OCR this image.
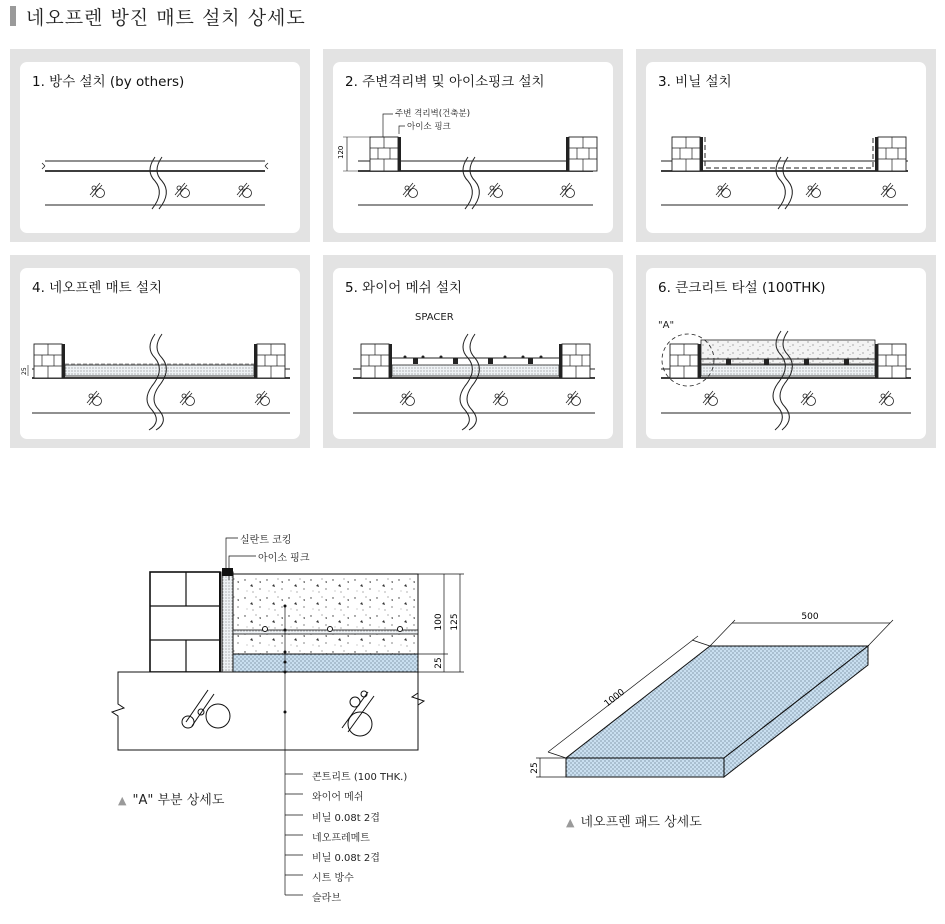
네오프렌 방진 매트 설치 상세도
1. 방수 설치 (by others)	2. 주변격리벽 및 아이소핑크 설치
120
주변 격리벽(건축분)
아이소 핑크
3. 비닐 설치
4. 네오프렌 매트 설치
25
5. 와이어 메쉬 설치
SPACER
6. 큰크리트 타설 (100THK)
"A"
100 125
25
500
1000
25
실란트 코킹
아이소 핑크
콘트리트 (100 THK.)
와이어 메쉬
비닐 0.08t 2겹
네오프레메트
비닐 0.08t 2겹
시트 방수
슬라브
▲ "A" 부분 상세도
▲ 네오프렌 패드 상세도
